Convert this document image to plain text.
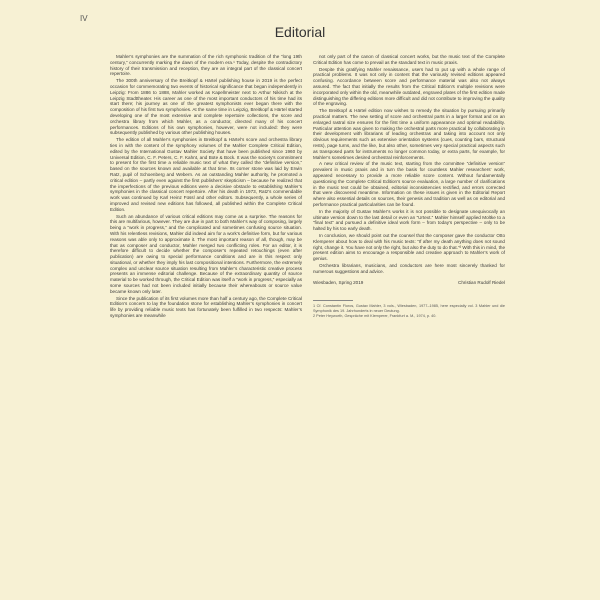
IV
Editorial

Mahler’s symphonies are the summation of the rich symphonic tradition of the “long 19th century,” concurrently marking the dawn of the modern era.¹ Today, despite the contradictory history of their transmission and reception, they are an integral part of the classical concert repertoire.

The 300th anniversary of the Breitkopf & Härtel publishing house in 2019 is the perfect occasion for commemorating two events of historical significance that began independently in Leipzig: From 1886 to 1888, Mahler worked as Kapellmeister next to Arthur Nikisch at the Leipzig Stadttheater. His career as one of the most important conductors of his time had its start there; his journey as one of the greatest symphonists ever began there with the composition of his first two symphonies. At the same time in Leipzig, Breitkopf & Härtel started developing one of the most extensive and complete repertoire collections, the score and orchestra library from which Mahler, as a conductor, directed many of his concert performances. Editions of his own symphonies, however, were not included: they were subsequently published by various other publishing houses.

The edition of all Mahler’s symphonies in Breitkopf & Härtel’s score and orchestra library ties in with the content of the symphony volumes of the Mahler Complete Critical Edition, edited by the International Gustav Mahler Society that have been published since 1960 by Universal Edition, C. F. Peters, C. F. Kahnt, and Bote & Bock. It was the society’s commitment to present for the first time a reliable music text of what they called the “definitive version,” based on the sources known and available at that time. Its corner stone was laid by Erwin Ratz, pupil of Schoenberg and Webern. As an outstanding Mahler authority, he promoted a critical edition – partly even against the first publishers’ skepticism – because he realized that the imperfections of the previous editions were a decisive obstacle to establishing Mahler’s symphonies in the classical concert repertoire. After his death in 1973, Ratz’s commendable work was continued by Karl Heinz Füssl and other editors. Subsequently, a whole series of improved and revised new editions has followed, all published within the Complete Critical Edition.

Such an abundance of various critical editions may come as a surprise. The reasons for this are multifarious, however. They are due in part to both Mahler’s way of composing, largely being a “work in progress,” and the complicated and sometimes confusing source situation. With his relentless revisions, Mahler did indeed aim for a work’s definitive form, but for various reasons was able only to approximate it. The most important reason of all, though, may be that as composer and conductor, Mahler merged two conflicting roles. For an editor, it is therefore difficult to decide whether the composer’s repeated retouchings (even after publication) are owing to special performance conditions and are in this respect only situational, or whether they imply his last compositional intentions. Furthermore, the extremely complex and unclear source situation resulting from Mahler’s characteristic creative process presents an immense editorial challenge. Because of the extraordinary quantity of source material to be worked through, the Critical Edition was itself a “work in progress,” especially as some sources had not been included initially because their whereabouts or source value became known only later.

Since the publication of its first volumes more than half a century ago, the Complete Critical Edition’s concern to lay the foundation stone for establishing Mahler’s symphonies in concert life by providing reliable music texts has fortunately been fulfilled in two respects: Mahler’s symphonies are meanwhile

not only part of the canon of classical concert works, but the music text of the Complete Critical Edition has come to prevail as the standard text in music praxis.

Despite this gratifying Mahler renaissance, users had to put up with a whole range of practical problems. It was not only in content that the variously revised editions appeared confusing. Accordance between score and performance material was also not always assured. The fact that initially the results from the Critical Edition’s multiple revisions were incorporated only within the old, meanwhile outdated, engraved plates of the first edition made distinguishing the differing editions more difficult and did not contribute to improving the quality of the engraving.

The Breitkopf & Härtel edition now wishes to remedy the situation by pursuing primarily practical matters. The new setting of score and orchestral parts in a larger format and on an enlarged rastral size ensures for the first time a uniform appearance and optimal readability. Particular attention was given to making the orchestral parts more practical by collaborating in their development with librarians of leading orchestras and taking into account not only obvious requirements such as extensive orientation systems (cues, counting bars, structural rests), page turns, and the like, but also other, sometimes very special practical aspects such as transposed parts for instruments no longer common today, or extra parts, for example, for Mahler’s sometimes desired orchestral reinforcements.

A new critical review of the music text, starting from the committee “definitive version” prevalent in music praxis and in turn the basis for countless Mahler researchers’ work, appeared necessary to provide a more reliable score content. Without fundamentally questioning the Complete Critical Edition’s source evaluation, a large number of clarifications in the music text could be obtained, editorial inconsistencies rectified, and errors corrected that were discovered meantime. Information on these issues is given in the Editorial Report where also essential details on sources, their genesis and tradition as well as on editorial and performance practical particularities can be found.

In the majority of Gustav Mahler’s works it is not possible to designate unequivocally an ultimate version down to the last detail or even an “Urtext.” Mahler himself applied Moltke to a “final text” and pursued a definitive ideal work form – from today’s perspective – only to be halted by his too early death.

In conclusion, we should point out the counsel that the composer gave the conductor Otto Klemperer about how to deal with his music texts: “If after my death anything does not sound right, change it. You have not only the right, but also the duty to do that.”² With this in mind, the present edition aims to encourage a responsible and creative approach to Mahler’s work of genius.

Orchestra librarians, musicians, and conductors are here most sincerely thanked for numerous suggestions and advice.

Wiesbaden, Spring 2019	Christian Rudolf Riedel

1 Cf. Constantin Floros, Gustav Mahler, 3 vols., Wiesbaden, 1977–1985, here especially vol. 3 Mahler und die Symphonik des 19. Jahrhunderts in neuer Deutung.

2 Peter Heyworth, Gespräche mit Klemperer, Frankfurt a. M., 1974, p. 40.
